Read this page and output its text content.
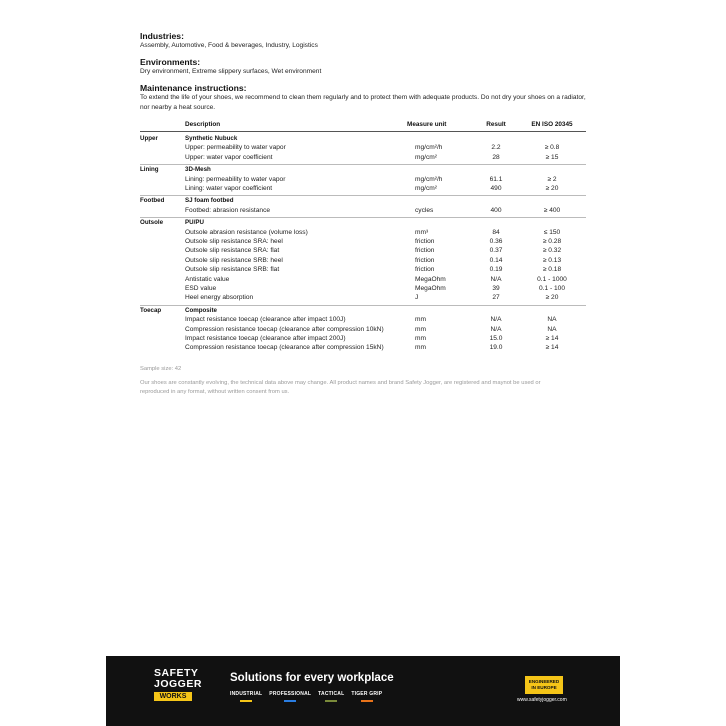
Industries:
Assembly, Automotive, Food & beverages, Industry, Logistics
Environments:
Dry environment, Extreme slippery surfaces, Wet environment
Maintenance instructions:
To extend the life of your shoes, we recommend to clean them regularly and to protect them with adequate products. Do not dry your shoes on a radiator, nor nearby a heat source.
Description	Measure unit	Result	EN ISO 20345
Upper	Synthetic Nubuck
Upper: permeability to water vapor	mg/cm²/h	2.2	≥ 0.8
Upper: water vapor coefficient	mg/cm²	28	≥ 15
Lining	3D-Mesh
Lining: permeability to water vapor	mg/cm²/h	61.1	≥ 2
Lining: water vapor coefficient	mg/cm²	490	≥ 20
Footbed	SJ foam footbed
Footbed: abrasion resistance	cycles	400	≥ 400
Outsole	PU/PU
Outsole abrasion resistance (volume loss)	mm³	84	≤ 150
Outsole slip resistance SRA: heel	friction	0.36	≥ 0.28
Outsole slip resistance SRA: flat	friction	0.37	≥ 0.32
Outsole slip resistance SRB: heel	friction	0.14	≥ 0.13
Outsole slip resistance SRB: flat	friction	0.19	≥ 0.18
Antistatic value	MegaOhm	N/A	0.1 - 1000
ESD value	MegaOhm	39	0.1 - 100
Heel energy absorption	J	27	≥ 20
Toecap	Composite
Impact resistance toecap (clearance after impact 100J)	mm	N/A	NA
Compression resistance toecap (clearance after compression 10kN)	mm	N/A	NA
Impact resistance toecap (clearance after impact 200J)	mm	15.0	≥ 14
Compression resistance toecap (clearance after compression 15kN)	mm	19.0	≥ 14
Sample size: 42
Our shoes are constantly evolving, the technical data above may change. All product names and brand Safety Jogger, are registered and maynot be used or reproduced in any format, without written consent from us.
SAFETY
JOGGER
WORKS
Solutions for every workplace
INDUSTRIAL PROFESSIONAL TACTICAL TIGER GRIP
ENGINEERED
IN EUROPE
www.safetyjogger.com
